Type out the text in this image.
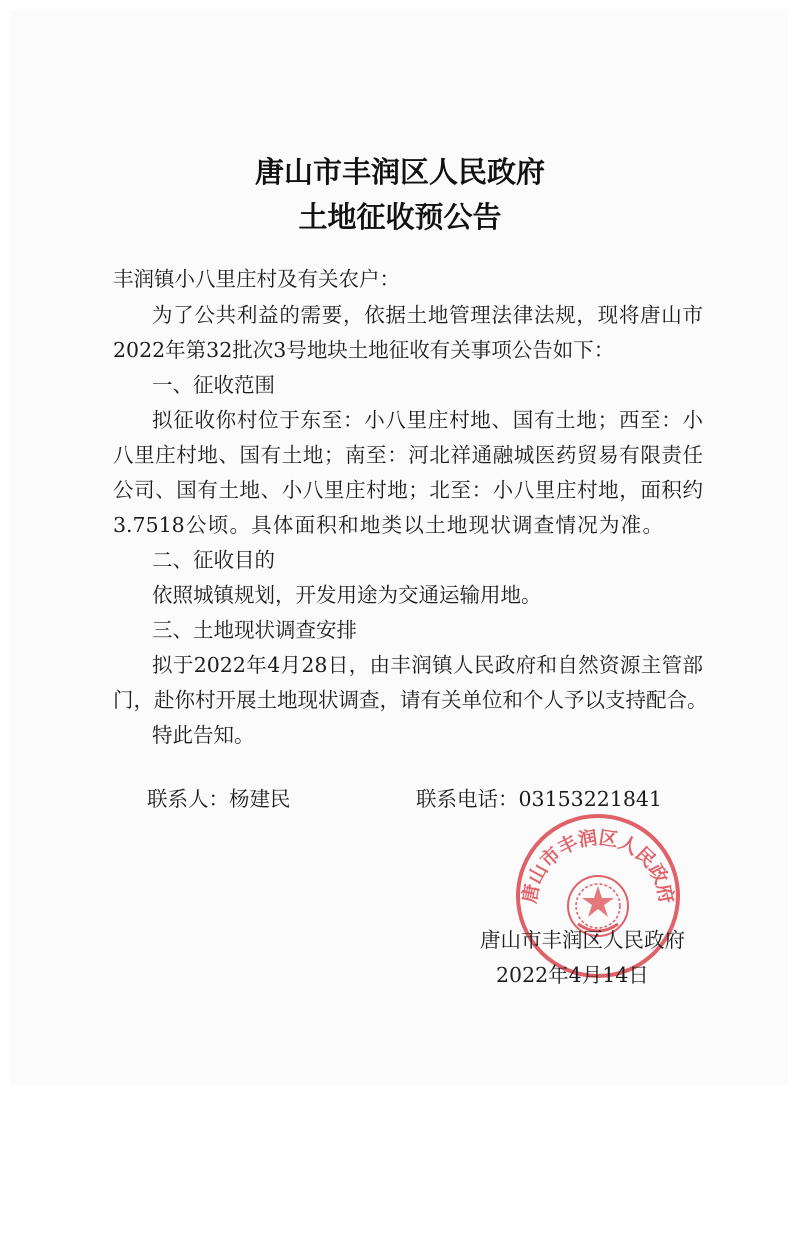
唐山市丰润区人民政府
土地征收预公告
丰润镇小八里庄村及有关农户：
为了公共利益的需要，依据土地管理法律法规，现将唐山市
2022年第32批次3号地块土地征收有关事项公告如下：
一、征收范围
拟征收你村位于东至：小八里庄村地、国有土地；西至：小
八里庄村地、国有土地；南至：河北祥通融城医药贸易有限责任
公司、国有土地、小八里庄村地；北至：小八里庄村地，面积约
3.7518公顷。具体面积和地类以土地现状调查情况为准。
二、征收目的
依照城镇规划，开发用途为交通运输用地。
三、土地现状调查安排
拟于2022年4月28日，由丰润镇人民政府和自然资源主管部
门，赴你村开展土地现状调查，请有关单位和个人予以支持配合。
特此告知。
联系人：杨建民	联系电话：03153221841
唐山市丰润区人民政府
唐山市丰润区人民政府
2022年4月14日
